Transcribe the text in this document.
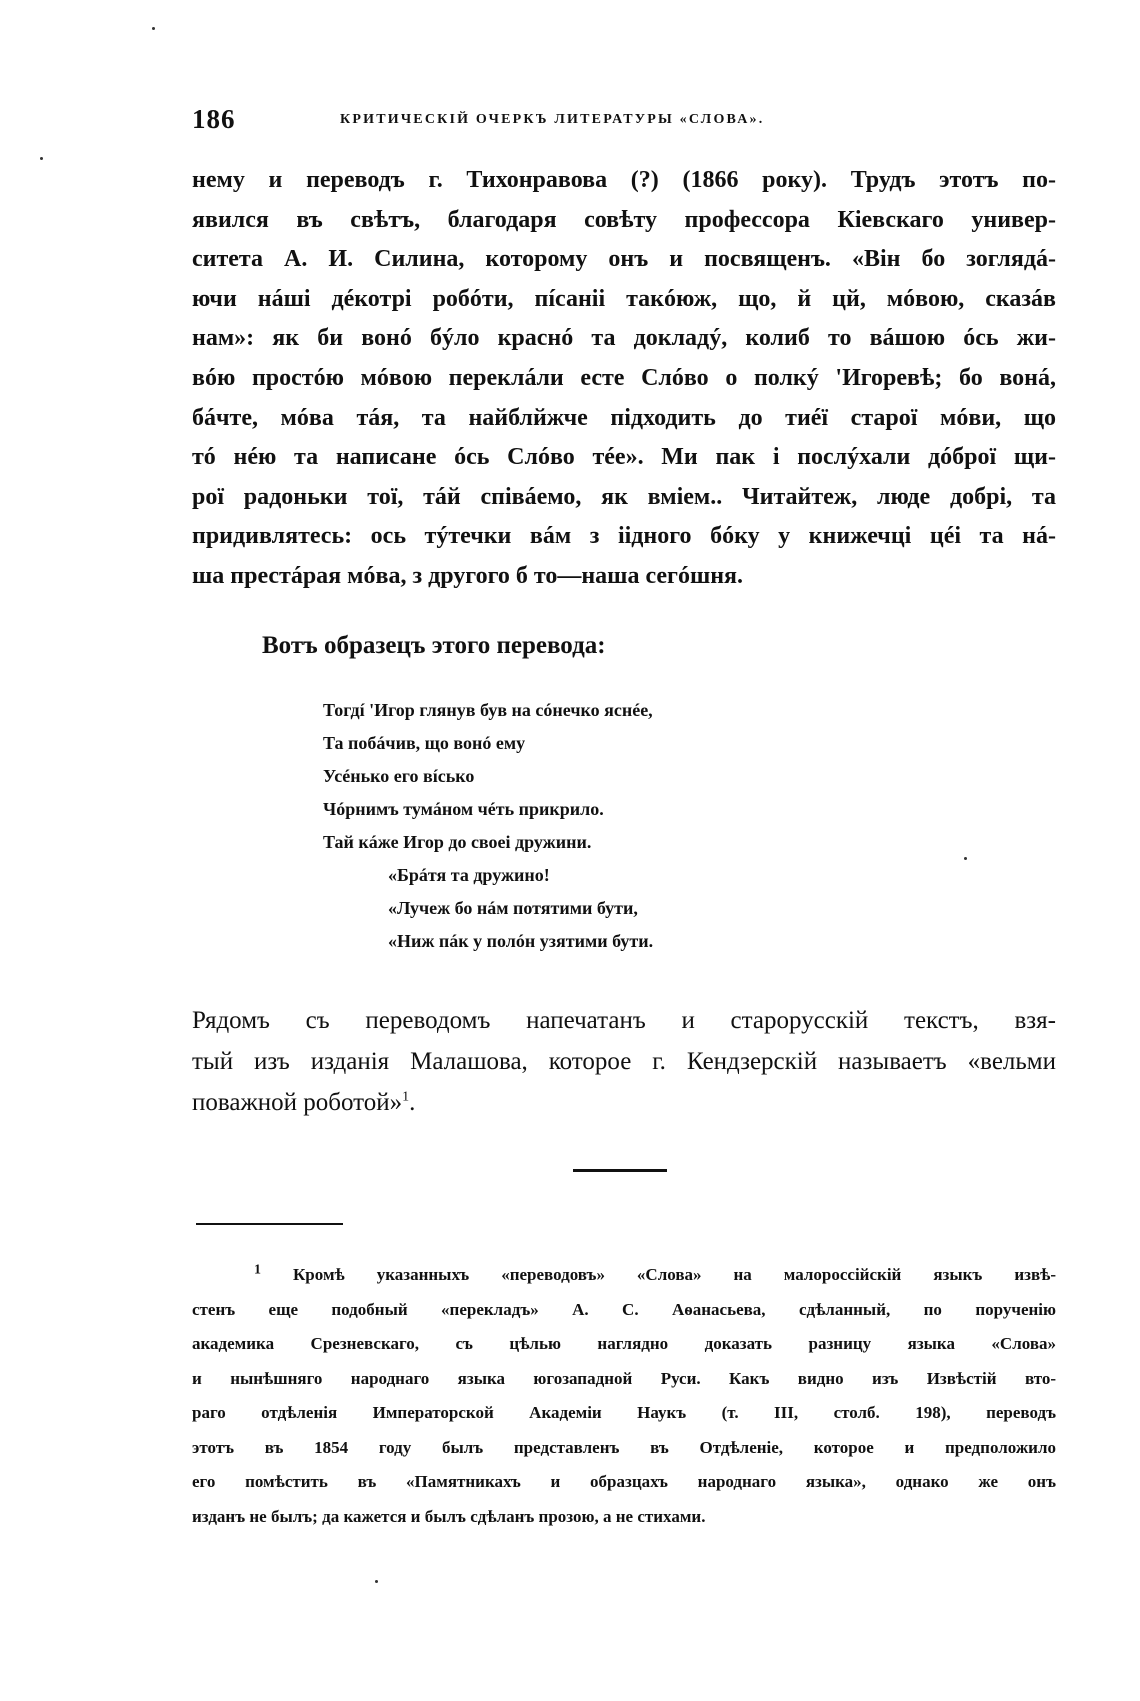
186	КРИТИЧЕСКІЙ ОЧЕРКЪ ЛИТЕРАТУРЫ «СЛОВА».
нему и переводъ г. Тихонравова (?) (1866 року). Трудъ этотъ по-
явился въ свѣтъ, благодаря совѣту профессора Кіевскаго универ-
ситета А. И. Силина, которому онъ и посвященъ. «Він бо зоглядá-
ючи нáші дéкотрі робóти, пíсаніі такóюж, що, й цй, мóвою, сказáв
нам»: як би вонó бýло краснó та докладý, колиб то вáшою óсь жи-
вóю простóю мóвою переклáли есте Слóво о полкý 'Игоревѣ; бо вонá,
бáчте, мóва тáя, та найблйжче підходить до тиéї старої мóви, що
тó нéю та написане óсь Слóво тéе». Ми пак і послýхали дóброї щи-
рої радоньки тої, тáй співáемо, як вміем.. Читайтеж, люде добрі, та
придивлятесь: ось тýтечки вáм з іідного бóку у книжечці цéі та нá-
ша престáрая мóва, з другого б то—наша сегóшня.
Вотъ образецъ этого перевода:
Тогдí 'Игор глянув був на сóнечко яснéе,
Та побáчив, що вонó ему
Усéнько его вíсько
Чóрнимъ тумáном чéть прикрило.
Тай кáже Игор до своеі дружини.
«Брáтя та дружино!
«Лучеж бо нáм потятими бути,
«Ниж пáк у полóн узятими бути.
Рядомъ съ переводомъ напечатанъ и старорусскій текстъ, взя-
тый изъ изданія Малашова, которое г. Кендзерскій называетъ «вельми
поважной роботой»$^1$.
$^1$ Кромѣ указанныхъ «переводовъ» «Слова» на малороссійскій языкъ извѣ-
стенъ еще подобный «перекладъ» А. С. Аѳанасьева, сдѣланный, по порученію
академика Срезневскаго, съ цѣлью наглядно доказать разницу языка «Слова»
и нынѣшняго народнаго языка югозападной Руси. Какъ видно изъ Извѣстій вто-
раго отдѣленія Императорской Академіи Наукъ (т. III, столб. 198), переводъ
этотъ въ 1854 году былъ представленъ въ Отдѣленіе, которое и предположило
его помѣстить въ «Памятникахъ и образцахъ народнаго языка», однако же онъ
изданъ не былъ; да кажется и былъ сдѣланъ прозою, а не стихами.
